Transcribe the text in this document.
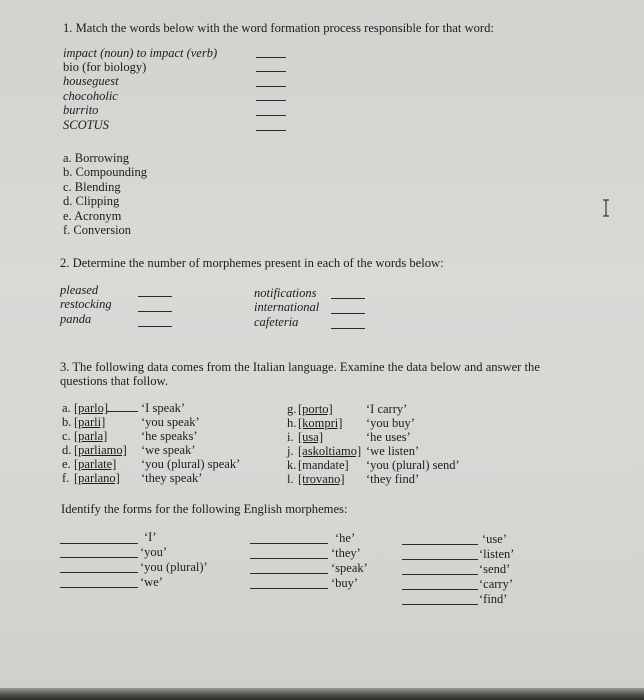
1. Match the words below with the word formation process responsible for that word:
impact (noun) to impact (verb)
bio (for biology)
houseguest
chocoholic
burrito
SCOTUS
a. Borrowing
b. Compounding
c. Blending
d. Clipping
e. Acronym
f. Conversion
2. Determine the number of morphemes present in each of the words below:
pleased
restocking
panda
notifications
international
cafeteria
3. The following data comes from the Italian language. Examine the data below and answer the
questions that follow.
a. [parlo]	‘I speak’
b. [parli]	‘you speak’
c. [parla]	‘he speaks’
d. [parliamo] ‘we speak’
e. [parlate] ‘you (plural) speak’
f. [parlano] ‘they speak’
g. [porto]	‘I carry’
h. [kompri] ‘you buy’
i. [usa]	‘he uses’
j. [askoltiamo] ‘we listen’
k. [mandate] ‘you (plural) send’
l. [trovano] ‘they find’
Identify the forms for the following English morphemes:
‘I’
‘you’
‘you (plural)’
‘we’
‘he’
‘they’
‘speak’
‘buy’
‘use’
‘listen’
‘send’
‘carry’
‘find’
